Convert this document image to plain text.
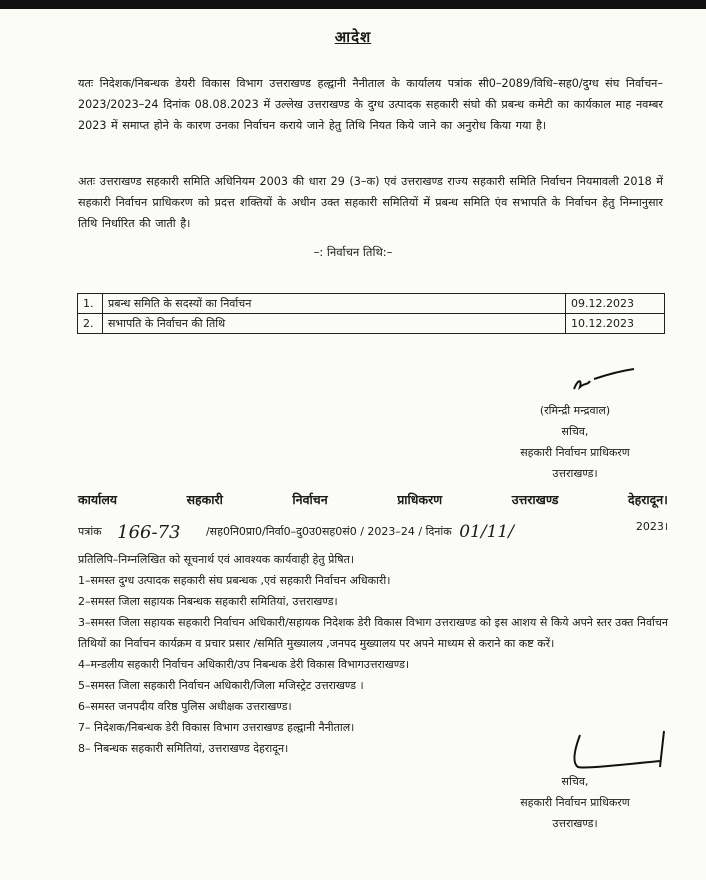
आदेश
यतः निदेशक/निबन्धक डेयरी विकास विभाग उत्तराखण्ड हल्द्वानी नैनीताल के कार्यालय पत्रांक सी0–2089/विधि–सह0/दुग्ध संघ निर्वाचन–2023/2023–24 दिनांक 08.08.2023 में उल्लेख उत्तराखण्ड के दुग्ध उत्पादक सहकारी संघो की प्रबन्ध कमेटी का कार्यकाल माह नवम्बर 2023 में समाप्त होने के कारण उनका निर्वाचन कराये जाने हेतु तिथि नियत किये जाने का अनुरोध किया गया है।
अतः उत्तराखण्ड सहकारी समिति अधिनियम 2003 की धारा 29 (3–क) एवं उत्तराखण्ड राज्य सहकारी समिति निर्वाचन नियमावली 2018 में सहकारी निर्वाचन प्राधिकरण को प्रदत्त शक्तियों के अधीन उक्त सहकारी समितियों में प्रबन्ध समिति एंव सभापति के निर्वाचन हेतु निम्नानुसार तिथि निर्धारित की जाती है।
–: निर्वाचन तिथि:–
1.	प्रबन्ध समिति के सदस्यों का निर्वाचन	09.12.2023
2.	सभापति के निर्वाचन की तिथि	10.12.2023
(रमिन्द्री मन्द्रवाल)
सचिव,
सहकारी निर्वाचन प्राधिकरण
उत्तराखण्ड।
कार्यालय	सहकारी	निर्वाचन	प्राधिकरण	उत्तराखण्ड	देहरादून।
पत्रांक 166-73 /सह0नि0प्रा0/निर्वा0–दु0उ0सह0सं0 / 2023–24 / दिनांक 01/11/	2023।
प्रतिलिपि–निम्नलिखित को सूचनार्थ एवं आवश्यक कार्यवाही हेतु प्रेषित।
1–समस्त दुग्ध उत्पादक सहकारी संघ प्रबन्धक ,एवं सहकारी निर्वाचन अधिकारी।
2–समस्त जिला सहायक निबन्धक सहकारी समितियां, उत्तराखण्ड।
3–समस्त जिला सहायक सहकारी निर्वाचन अधिकारी/सहायक निदेशक डेरी विकास विभाग उत्तराखण्ड को इस आशय से किये अपने स्तर उक्त निर्वाचन तिथियों का निर्वाचन कार्यक्रम व प्रचार प्रसार /समिति मुख्यालय ,जनपद मुख्यालय पर अपने माध्यम से कराने का कष्ट करें।
4–मन्डलीय सहकारी निर्वाचन अधिकारी/उप निबन्धक डेरी विकास विभागउत्तराखण्ड।
5–समस्त जिला सहकारी निर्वाचन अधिकारी/जिला मजिस्ट्रेट उत्तराखण्ड ।
6–समस्त जनपदीय वरिष्ठ पुलिस अधीक्षक उत्तराखण्ड।
7– निदेशक/निबन्धक डेरी विकास विभाग उत्तराखण्ड हल्द्वानी नैनीताल।
8– निबन्धक सहकारी समितियां, उत्तराखण्ड देहरादून।
सचिव,
सहकारी निर्वाचन प्राधिकरण
उत्तराखण्ड।
